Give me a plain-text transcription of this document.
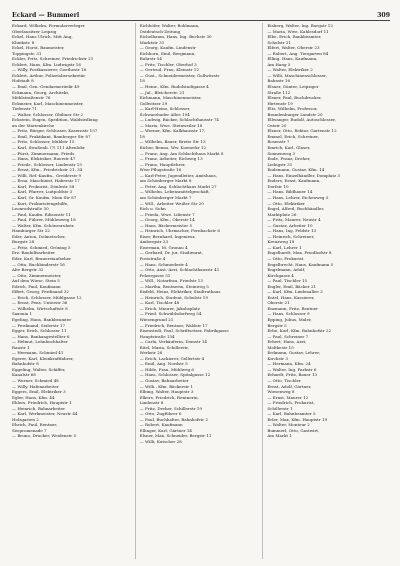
Eckard — Bummerl	309
Eckard, Wilhelm, Formularverleger
Oberlausitzer Leipzig
Eckel, Hans Ulrich, Mitt Ang,
Klinikstr. 8
Eckel, Horst, Baumeister,
Toppingstr. 31
Eckler, Fritz, Schreiner, Friedrichstr 21
Ecklert, Hans, Kfm. Ludwigstr 16
— Willy, Postkassierer, Goethestr 16
Ecklert, Arthur, Polizeiobersekretär
Hofstadt 8
— Emil, Gen.-Gendarmeriedir 49
Eckmann, Georg, Architekt,
Mühlstraßenstr 76
Eckmeier, Karl, Maschinenmeister,
Tiefenstr 71
— Walter, Schlosser, Obiliner Str 2
Eckstein, Eugen, Spedition, Waldsiedlung
an der Marienkirche
— Fritz, Bürger, Schlosser, Kasernstr 157
— Emil, Praktikant, Bamberger Str 87
— Fritz, Schlosser, Mühlstr 15
— Karl, Straßenb. (?) 111 Altenlohr
— Fürst, Zimmermann, Frieds
— Hans, Elektriker, Ruerstr 47
— Friedr., Schlosser, Lindenstr 15
— Ernst, Kfm., Friedrichstr 21, 34
— Willi, Ref.-Kaufm., Greiderstr 9
— Erna, Maschinist, Haberstr 17
— Karl, Prokurist, Dönlestr 58
— Karl, Pfarrer, Luitpoldstr 3
— Karl, Gr. Kaufm. Mein Str 87
— Kurt, Prokuristengehilfe,
Leonrodstraße 30
— Paul, Kaufm. Edisonstr 11
— Paul, Führer, Mühlenweg 18
— Walter, Kfm. Schönesruhstr.
Hamburger Str 22
Eder, Anton, Dolmetscher,
Burgstr 28
— Fritz, Schmied, Gröning 5
Erz.-Bauhilfsarbeiter
Eder, Karl, Brauereiaufseher
— Otto, Buchbinderstr 16
Alte Bergstr 32
— Otto, Zimmermeister,
Auf dem Wiese, Stein 5
Edrich, Paul, Kaufmann
Effert, Georg, Ferdinand 32
— Erich, Schlosser, Mühlgasse 12
— Ernst, Pens. Unterstr 36
— Wilhelm, Wirtschaftstr 8
Saxonia 1
Egeling, Hans, Bankbeamter
— Ferdinand, Seilerstr 17
Egger, Erich, Schlosser 11
— Hans, Bankangestellter 6
— Helmut, Lohnbuchhalter
Raustr 1
— Hermann, Schmied 41
Egerer, Karl, Kleinkraftfahrer,
Bahnhofstr 8
Eggeling, Walter, Schiffer,
Kanalstr 68
— Werner, Schmied 48
— Willy, Hafenarbeiter
Eggers, Emil, Elektriker 3
Egler, Hans, Kfm. 44
Ehlers, Friedrich, Hauptstr 1
— Heinrich, Bahnarbeiter
— Karl, Werkmeister, Neustr 44
Holzgarten 2
Ehrich, Paul, Rentner,
Seepromenade 7
— Bruno, Drucker, Weidenstr 5
Eichhöfer, Walter, Bohlmann,
Ostdeutsch-Zeitung
Eichelbaum, Hans, Ing. Buchstr 30
Marktstr 31
— Georg, Kaufm. Lindenstr
Eichhorn, Emil, Bergmann,
Ruhrstr 54
— Fritz, Tischler, Oberhof 3
— Gertrud, Frau, Kleinstr 12
— Gust., Schneidermeister, Gollwitzstr
18
— Heinr., Kfm. Rudolstadtgasse 4
— Jul., Bleicherstr. 21
Eichmann, Maschinenmeister,
Gollwitzer 29
— Karl-Heinz, Schlosser,
Schwarzbader Allee 104
— Ludwig, Bäcker, Schlachthausstr 74
— Maria, Wwe. Steinweiler 18
— Werner, Kfm. Kalkhausstr 17,
18
— Wilhelm, Bauer, Breite Str 13
Eicher, Benno, Ww. Koenerkr 12
— Franz, Ang. Am Schlachthaus Markt 8
— Franz, Arbeiter, Eichweg 13
— Franz, Hauptlehrer,
Wwe Pflugstraße 16
— Karl-Peter, Jugendleiter, Amtshaus,
am Schönberger Markt 8
— Peter, Ang. Schlachthaus Markt 27
— Wilhelm, Lebensmittelgeschäft,
am Schönberger Markt 7
— Will., Arbeiter Weißer Str 20
Eich u. Sohn
— Frieda, Wwe. Lilienstr 7
— Georg, Kfm., Oberstr 14
— Hans, Bäckermeister 5
— Heinrich, Uhrmacher, Fernbachstr 6
Eiser, Bernhard, Ingenieur,
Ambergstr 23
Eiserman, M. Gronau 4
— Gerhard, Dr. jur. Studienrat,
Poststraße 4
— Hans, Schmiedestr 4
— Otto, Anst.-Arzt, Schlachthausstr 41
Pelzergasse 51
— Will., Notarfrau, Friedstr 13
— Martha, Rentnerin, Steinweg 5
Eisfeld, Heinz, Elektriker, Stadtrathaus
— Heinrich, Student, Schulstr 19
— Karl, Tischler 48
— Erich, Maurer, Jakobsplatz
— Fried. Schwäblsdorfweg 54
Wiesengrund 21
— Friedrich, Rentner, Waldstr 17
Eisenstedt, Paul, Schriftsetzer, Fabrikgasse
Hauptstraße 134
— Carla, Verkäuferin, Domstr 14
Eitel, Maria, Schillerstr,
Werkstr 28
— Erich, Lackierer, Gellertstr 4
— Emil, Ang. Nordstr 5
— Hilde, Frau, Mühlweg 6
— Hans, Schlosser, Spitalgasse 12
— Gustav, Bahnarbeiter
— Wilh., Kfm. Bäckerstr 1
Elbing, Walter, Hauptstr 3
Elkers, Friedrich, Rentnerin,
Lindenstr 8
— Fritz, Dreher, Schillerstr 19
— Otto, Zugführer 6
— Paul, Buchhalter, Bahnhofstr 2
— Robert, Kaufmann
Ellinger, Karl, Gärtner 14
Elsner, Max, Schneider, Bergstr 11
— Willi, Kutscher 28
Eisberg, Walter, Ing. Burgstr 12
— Maria, Wwe. Kahlesdorf 11
Elbe, Erich, Bankbeamter,
Schulstr 21
Elfert, Walter, Oberstr 23
— Robert, Ang. Tiergarten 84
Elling, Hans, Kaufmann,
Am Hang 5
— Walter, Elektriker 2
— Willi, Maschinenschlosser,
Bahnstr 16
Elsner, Günter, Leipziger
Straße 112
Elsner, Paul, Buchdrucker,
Hirtenstr 19
Eltz, Wilhelm, Professor,
Brandenburger Landstr 20
Ellwanger, Rudolf, Autoschlosser,
Oststr 20
Elzner, Otto, Rektor, Gartenstr 12
Emmel, Erich, Schreiner,
Rosenstr 7
Emrich, Karl, Glaser,
Sonnenweg 3
Ende, Franz, Dreher,
Liebigstr 31
Endemann, Gustav, Kfm. 14
— Hans, Einzelhändler, Domplatz 3
Enders, Ernst, Kaufmann,
Dorfstr 10
— Hans, Bildhauer 14
— Hans, Lehrer, Eichenweg 5
— Otto, Elektriker
Engel, Alfred, Buchhändler,
Marktplatz 26
— Fritz, Maurer, Neustr 4
— Gustav, Arbeiter 10
— Hans, Ing. Feldstr 13
— Heinrich, Schreiner,
Kreuzweg 18
— Karl, Lehrer 1
Engelhardt, Max, Friedhofstr 8
— Otto, Prokurist
Engelbrecht, Hans, Kaufmann 5
Engelmann, Adolf,
Kirchgasse 4
— Paul, Tischler 15
Engler, Emil, Bäcker 21
— Karl, Kfm. Lindenallee 3
Entel, Hans, Kassierer,
Oberstr 21
Enzmann, Fritz, Rentner
— Hans, Schlosser 9
Epping, Julius, Maler,
Bergstr 5
Erbe, Karl, Kfm. Bahnhofstr 22
— Paul, Schreiner 7
Erbert, Hans, Arzt,
Moltkestr 15
Erdmann, Gustav, Lehrer,
Kirchstr 3
— Hermann, Kfm. 24
— Walter, Ing. Parkstr 6
Erhardt, Fritz, Bauer 13
— Otto, Tischler
Ernst, Adolf, Gärtner,
Wiesenweg 8
— Ernst, Maurer 12
— Friedrich, Prokurist,
Schillerstr 1
— Karl, Bahnbeamter 5
Erler, Max, Kfm. Hauptstr 19
— Walter, Monteur 2
Bummerl, Otto, Gastwirt,
Am Markt 1
